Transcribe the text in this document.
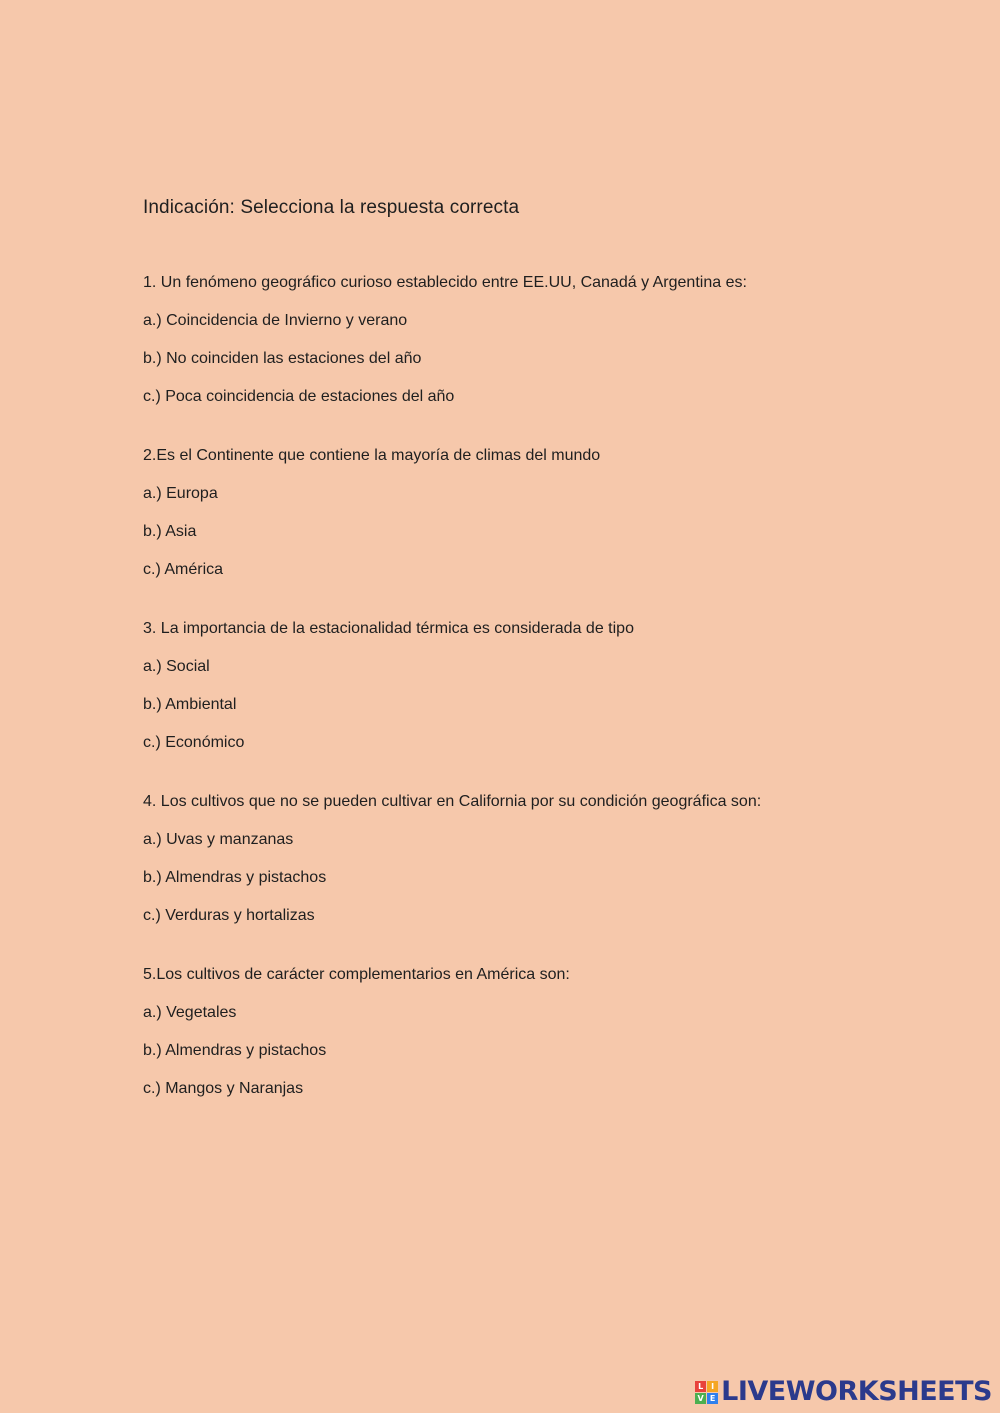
Indicación: Selecciona la respuesta correcta

1. Un fenómeno geográfico curioso establecido entre EE.UU, Canadá y Argentina es:

a.) Coincidencia de Invierno y verano

b.) No coinciden las estaciones del año

c.) Poca coincidencia de estaciones del año

2.Es el Continente que contiene la mayoría de climas del mundo

a.) Europa

b.) Asia

c.) América

3. La importancia de la estacionalidad térmica es considerada de tipo

a.) Social

b.) Ambiental

c.) Económico

4. Los cultivos que no se pueden cultivar en California por su condición geográfica son:

a.) Uvas y manzanas

b.) Almendras y pistachos

c.) Verduras y hortalizas

5.Los cultivos de carácter complementarios en América son:

a.) Vegetales

b.) Almendras y pistachos

c.) Mangos y Naranjas

L I
V E LIVEWORKSHEETS
